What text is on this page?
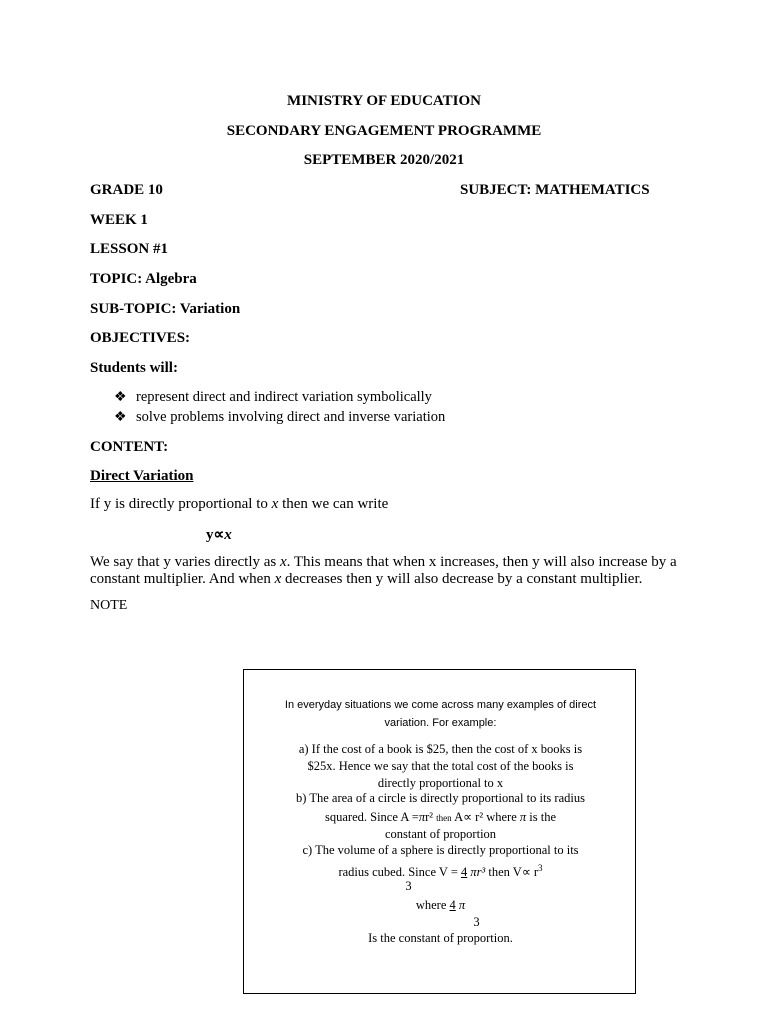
MINISTRY OF EDUCATION
SECONDARY ENGAGEMENT PROGRAMME
SEPTEMBER 2020/2021
GRADE 10	SUBJECT: MATHEMATICS
WEEK 1
LESSON #1
TOPIC: Algebra
SUB-TOPIC: Variation
OBJECTIVES:
Students will:
❖ represent direct and indirect variation symbolically
❖ solve problems involving direct and inverse variation
CONTENT:
Direct Variation
If y is directly proportional to x then we can write
y∝x
We say that y varies directly as x. This means that when x increases, then y will also increase by a constant multiplier. And when x decreases then y will also decrease by a constant multiplier.
NOTE
In everyday situations we come across many examples of direct
variation. For example:
a) If the cost of a book is $25, then the cost of x books is
$25x. Hence we say that the total cost of the books is
directly proportional to x
b) The area of a circle is directly proportional to its radius
squared. Since A =πr² then A∝ r² where π is the
constant of proportion
c) The volume of a sphere is directly proportional to its
radius cubed. Since V = 4 πr³ then $V\propto r^3$
3
where 4 π
3
Is the constant of proportion.
